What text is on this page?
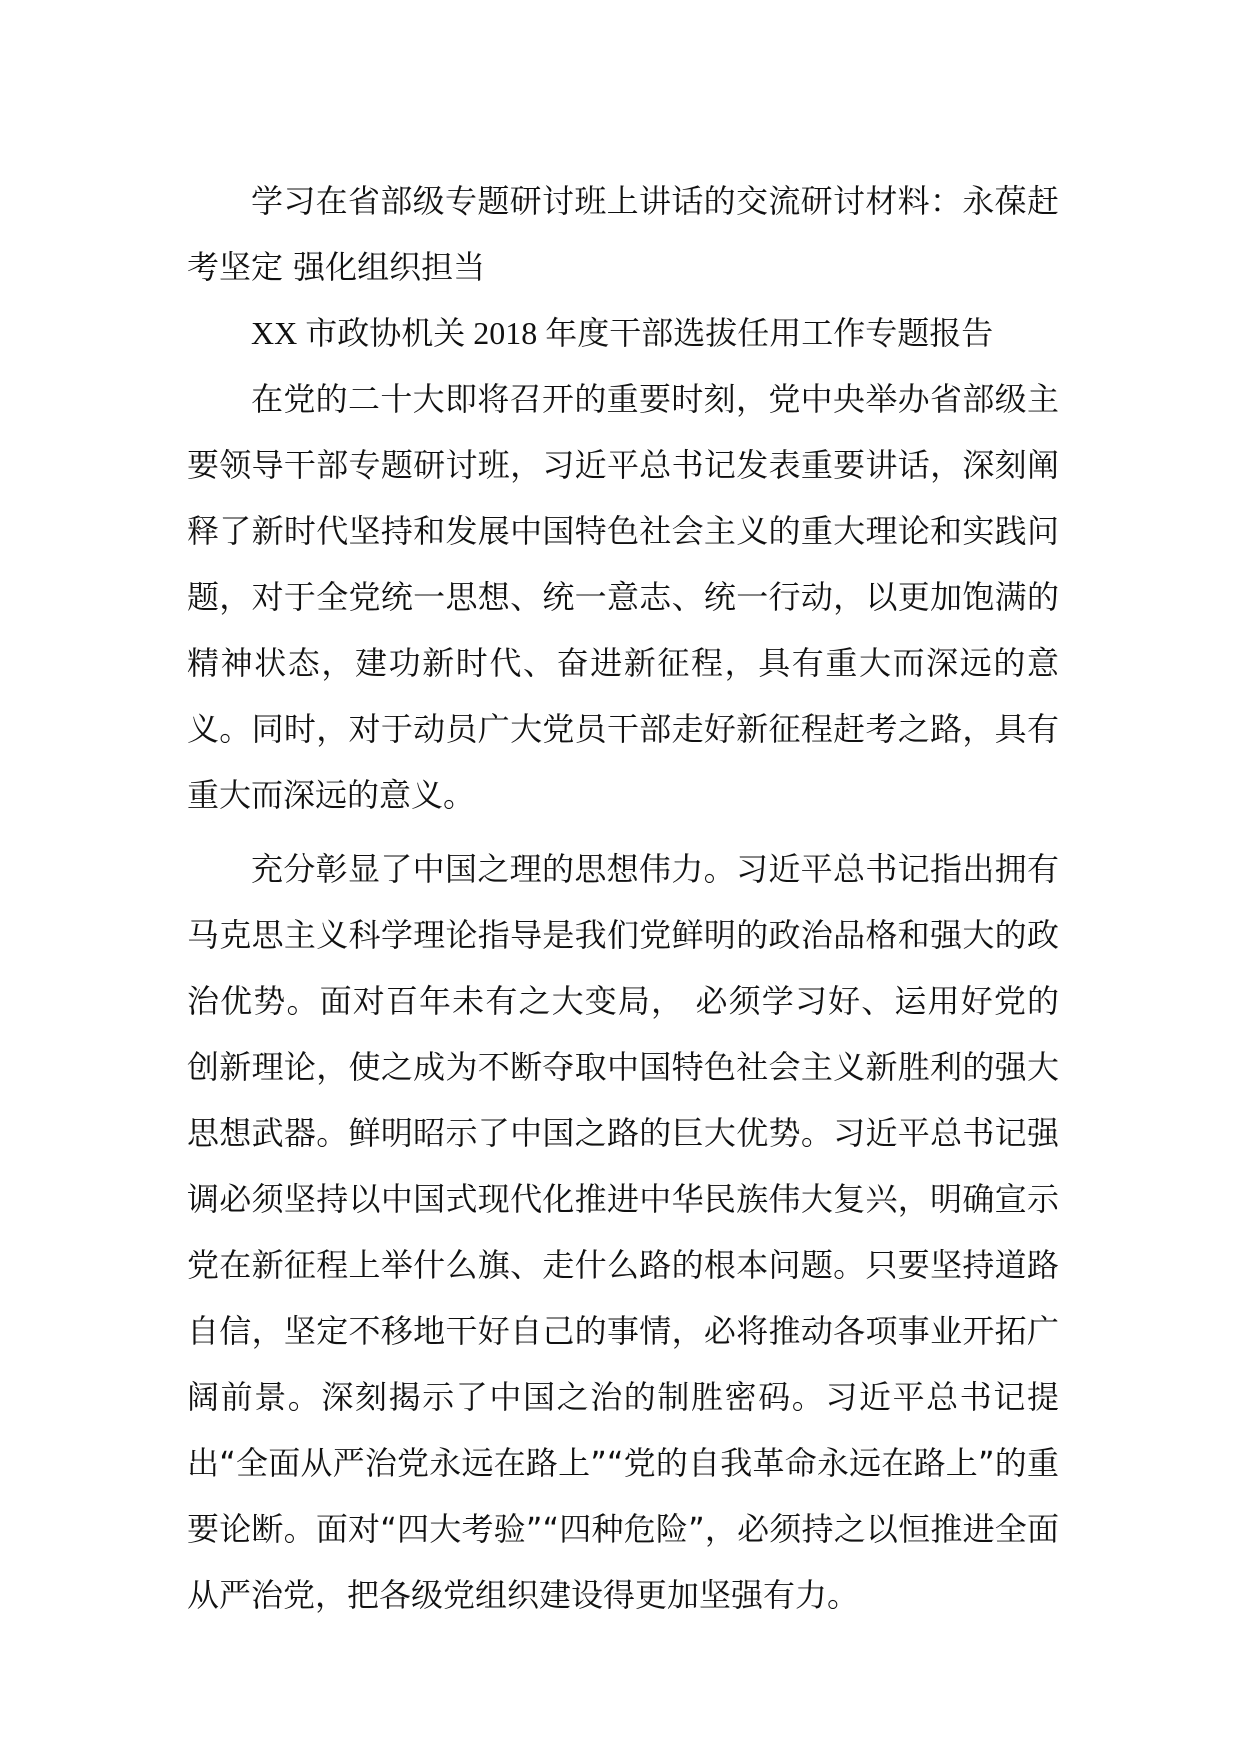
学习在省部级专题研讨班上讲话的交流研讨材料：永葆赶考坚定 强化组织担当

XX 市政协机关 2018 年度干部选拔任用工作专题报告

在党的二十大即将召开的重要时刻，党中央举办省部级主要领导干部专题研讨班，习近平总书记发表重要讲话，深刻阐释了新时代坚持和发展中国特色社会主义的重大理论和实践问题，对于全党统一思想、统一意志、统一行动，以更加饱满的精神状态，建功新时代、奋进新征程，具有重大而深远的意义。同时，对于动员广大党员干部走好新征程赶考之路，具有重大而深远的意义。

充分彰显了中国之理的思想伟力。习近平总书记指出拥有马克思主义科学理论指导是我们党鲜明的政治品格和强大的政治优势。面对百年未有之大变局， 必须学习好、运用好党的创新理论，使之成为不断夺取中国特色社会主义新胜利的强大思想武器。鲜明昭示了中国之路的巨大优势。习近平总书记强调必须坚持以中国式现代化推进中华民族伟大复兴，明确宣示党在新征程上举什么旗、走什么路的根本问题。只要坚持道路自信，坚定不移地干好自己的事情，必将推动各项事业开拓广阔前景。深刻揭示了中国之治的制胜密码。习近平总书记提出“全面从严治党永远在路上”“党的自我革命永远在路上”的重要论断。面对“四大考验”“四种危险”，必须持之以恒推进全面从严治党，把各级党组织建设得更加坚强有力。
